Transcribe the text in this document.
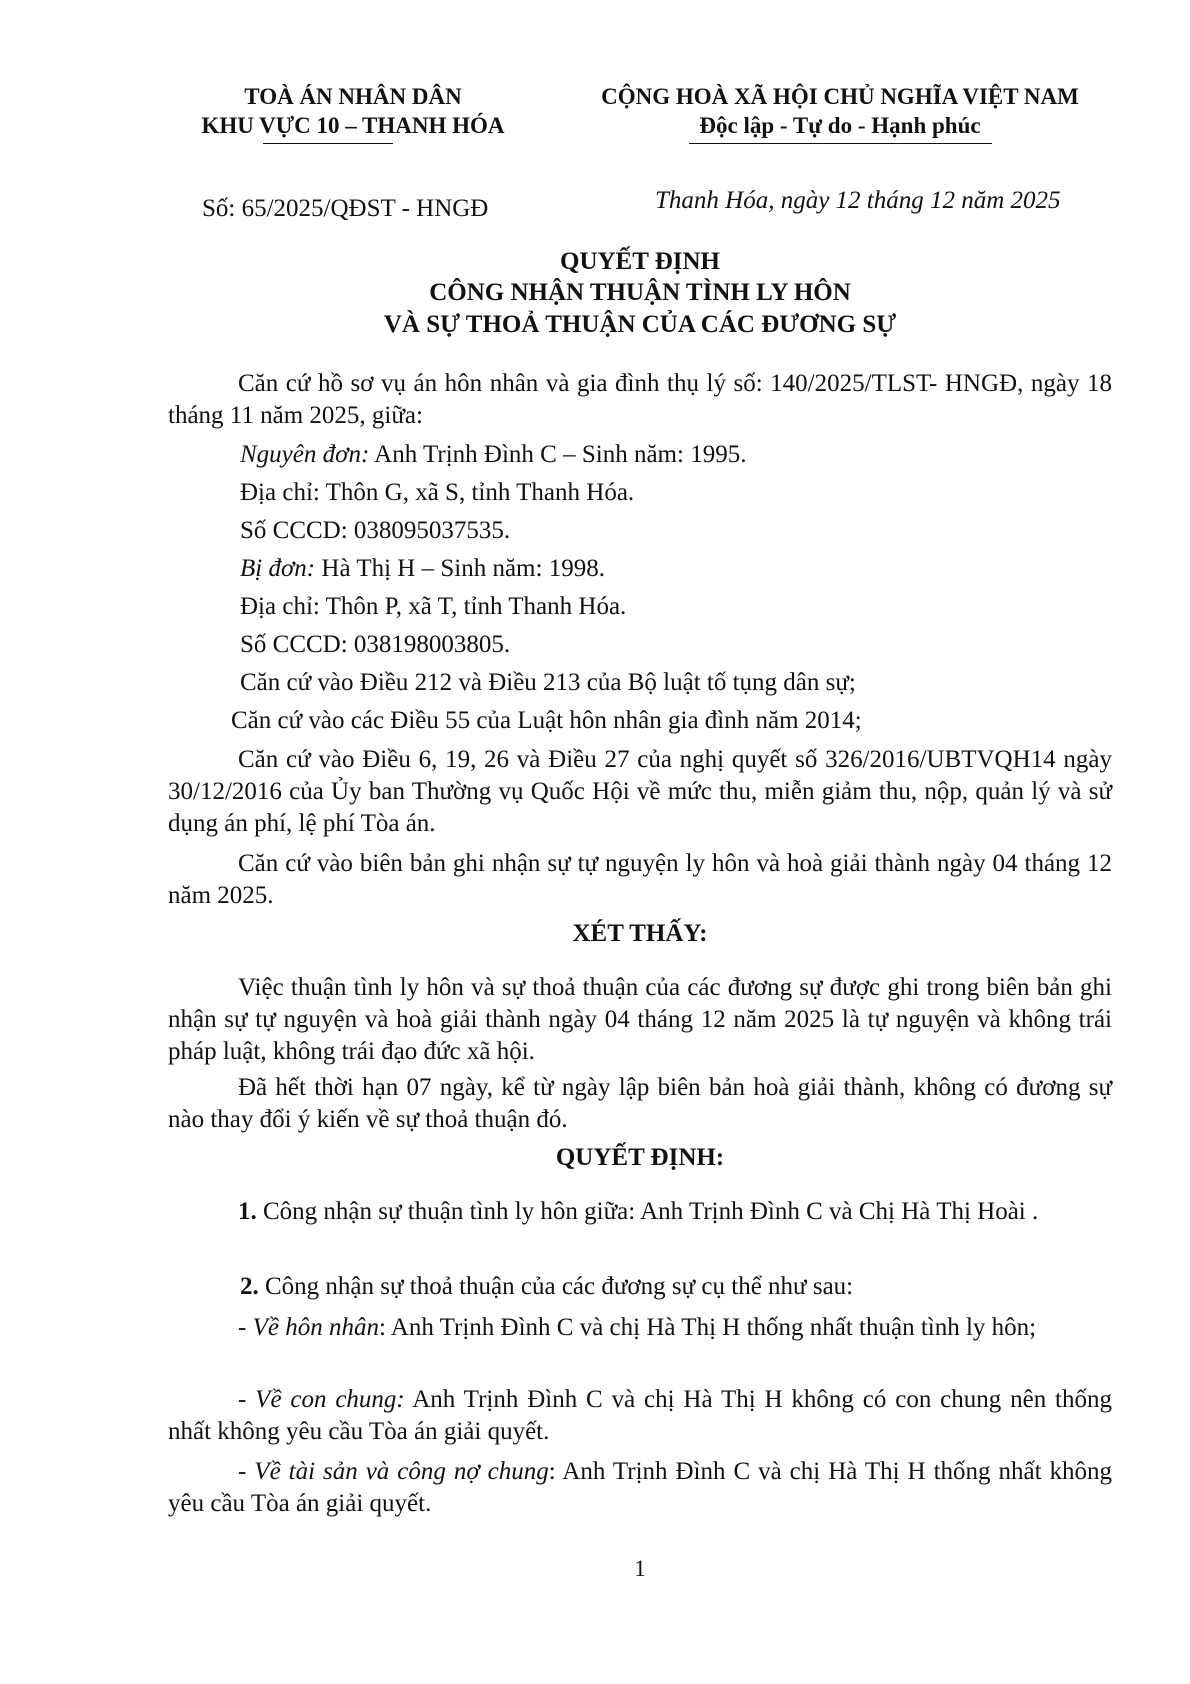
TOÀ ÁN NHÂN DÂN
KHU VỰC 10 – THANH HÓA
CỘNG HOÀ XÃ HỘI CHỦ NGHĨA VIỆT NAM
Độc lập - Tự do - Hạnh phúc
Số: 65/2025/QĐST - HNGĐ	Thanh Hóa, ngày 12 tháng 12 năm 2025
QUYẾT ĐỊNH
CÔNG NHẬN THUẬN TÌNH LY HÔN
VÀ SỰ THOẢ THUẬN CỦA CÁC ĐƯƠNG SỰ
Căn cứ hồ sơ vụ án hôn nhân và gia đình thụ lý số: 140/2025/TLST- HNGĐ, ngày 18 tháng 11 năm 2025, giữa:
Nguyên đơn: Anh Trịnh Đình C – Sinh năm: 1995.
Địa chỉ: Thôn G, xã S, tỉnh Thanh Hóa.
Số CCCD: 038095037535.
Bị đơn: Hà Thị H – Sinh năm: 1998.
Địa chỉ: Thôn P, xã T, tỉnh Thanh Hóa.
Số CCCD: 038198003805.
Căn cứ vào Điều 212 và Điều 213 của Bộ luật tố tụng dân sự;
Căn cứ vào các Điều 55 của Luật hôn nhân gia đình năm 2014;
Căn cứ vào Điều 6, 19, 26 và Điều 27 của nghị quyết số 326/2016/UBTVQH14 ngày 30/12/2016 của Ủy ban Thường vụ Quốc Hội về mức thu, miễn giảm thu, nộp, quản lý và sử dụng án phí, lệ phí Tòa án.
Căn cứ vào biên bản ghi nhận sự tự nguyện ly hôn và hoà giải thành ngày 04 tháng 12 năm 2025.
XÉT THẤY:
Việc thuận tình ly hôn và sự thoả thuận của các đương sự được ghi trong biên bản ghi nhận sự tự nguyện và hoà giải thành ngày 04 tháng 12 năm 2025 là tự nguyện và không trái pháp luật, không trái đạo đức xã hội.
Đã hết thời hạn 07 ngày, kể từ ngày lập biên bản hoà giải thành, không có đương sự nào thay đổi ý kiến về sự thoả thuận đó.
QUYẾT ĐỊNH:
1. Công nhận sự thuận tình ly hôn giữa: Anh Trịnh Đình C và Chị Hà Thị Hoài .
2. Công nhận sự thoả thuận của các đương sự cụ thể như sau:
- Về hôn nhân: Anh Trịnh Đình C và chị Hà Thị H thống nhất thuận tình ly hôn;
- Về con chung: Anh Trịnh Đình C và chị Hà Thị H không có con chung nên thống nhất không yêu cầu Tòa án giải quyết.
- Về tài sản và công nợ chung: Anh Trịnh Đình C và chị Hà Thị H thống nhất không yêu cầu Tòa án giải quyết.
1
